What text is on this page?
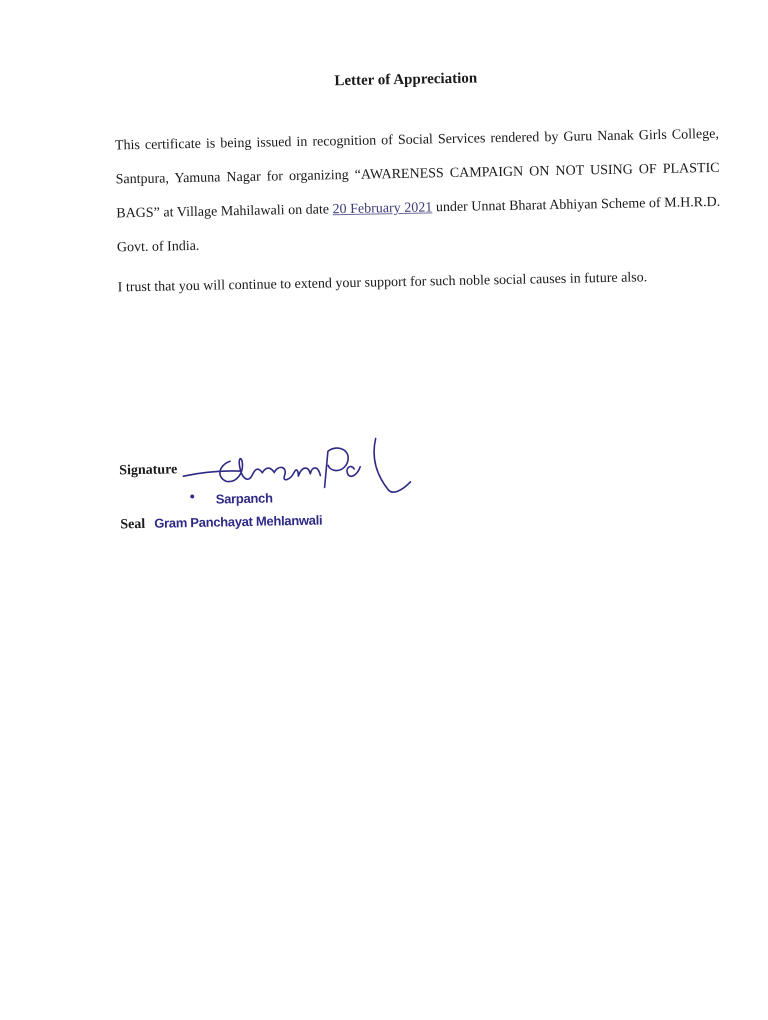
Letter of Appreciation

This certificate is being issued in recognition of Social Services rendered by Guru Nanak Girls College, Santpura, Yamuna Nagar for organizing “AWARENESS CAMPAIGN ON NOT USING OF PLASTIC BAGS” at Village Mahilawali on date 20 February 2021 under Unnat Bharat Abhiyan Scheme of M.H.R.D. Govt. of India.

I trust that you will continue to extend your support for such noble social causes in future also.

Signature
• Sarpanch
Seal Gram Panchayat Mehlanwali
